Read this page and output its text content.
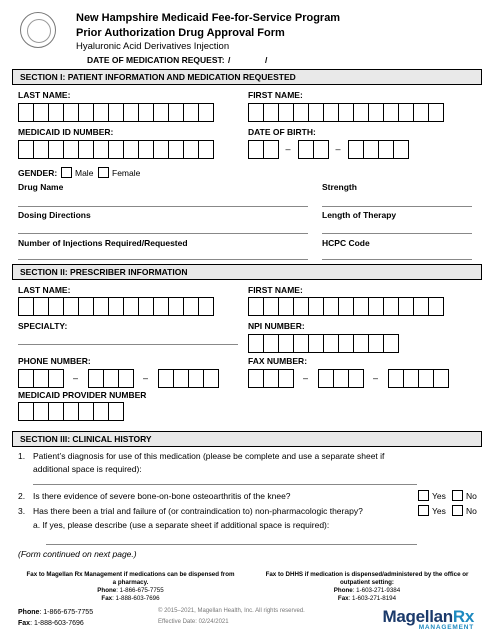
New Hampshire Medicaid Fee-for-Service Program
Prior Authorization Drug Approval Form
Hyaluronic Acid Derivatives Injection
DATE OF MEDICATION REQUEST: /	/
SECTION I: PATIENT INFORMATION AND MEDICATION REQUESTED
LAST NAME:	FIRST NAME:
MEDICAID ID NUMBER:	DATE OF BIRTH:
–	–
GENDER: Male Female
Drug Name	Strength
Dosing Directions	Length of Therapy
Number of Injections Required/Requested	HCPC Code
SECTION II: PRESCRIBER INFORMATION
LAST NAME:	FIRST NAME:
SPECIALTY:	NPI NUMBER:
PHONE NUMBER:	FAX NUMBER:
–	–	–	–
MEDICAID PROVIDER NUMBER
SECTION III: CLINICAL HISTORY
1. Patient’s diagnosis for use of this medication (please be complete and use a separate sheet if
additional space is required):
2. Is there evidence of severe bone-on-bone osteoarthritis of the knee?	Yes No
3. Has there been a trial and failure of (or contraindication to) non-pharmacologic therapy?	Yes No
a. If yes, please describe (use a separate sheet if additional space is required):
(Form continued on next page.)
Fax to Magellan Rx Management if medications can be dispensed from
a pharmacy.
Phone: 1-866-675-7755
Fax: 1-888-603-7696
Fax to DHHS if medication is dispensed/administered by the office or
outpatient setting:
Phone: 1-603-271-9384
Fax: 1-603-271-8194
Phone: 1-866-675-7755
Fax: 1-888-603-7696
© 2015–2021, Magellan Health, Inc. All rights reserved.
Effective Date: 02/24/2021	MagellanRx
MANAGEMENT
